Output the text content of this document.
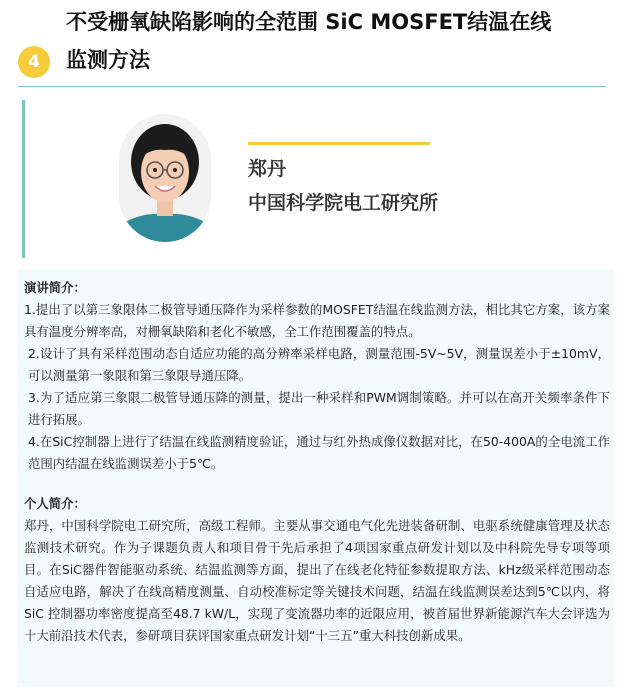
4
不受栅氧缺陷影响的全范围 SiC MOSFET结温在线
监测方法
郑丹
中国科学院电工研究所
演讲简介：

1.提出了以第三象限体二极管导通压降作为采样参数的MOSFET结温在线监测方法，相比其它方案，该方案具有温度分辨率高，对栅氧缺陷和老化不敏感，全工作范围覆盖的特点。

2.设计了具有采样范围动态自适应功能的高分辨率采样电路，测量范围-5V~5V，测量误差小于±10mV，可以测量第一象限和第三象限导通压降。

3.为了适应第三象限二极管导通压降的测量，提出一种采样和PWM调制策略。并可以在高开关频率条件下进行拓展。

4.在SiC控制器上进行了结温在线监测精度验证，通过与红外热成像仪数据对比，在50-400A的全电流工作范围内结温在线监测误差小于5℃。

个人简介：

郑丹，中国科学院电工研究所，高级工程师。主要从事交通电气化先进装备研制、电驱系统健康管理及状态监测技术研究。作为子课题负责人和项目骨干先后承担了4项国家重点研发计划以及中科院先导专项等项目。在SiC器件智能驱动系统、结温监测等方面，提出了在线老化特征参数提取方法、kHz级采样范围动态自适应电路，解决了在线高精度测量、自动校准标定等关键技术问题，结温在线监测误差达到5℃以内，将SiC 控制器功率密度提高至48.7 kW/L，实现了变流器功率的近限应用，被首届世界新能源汽车大会评选为十大前沿技术代表，参研项目获评国家重点研发计划“十三五”重大科技创新成果。
